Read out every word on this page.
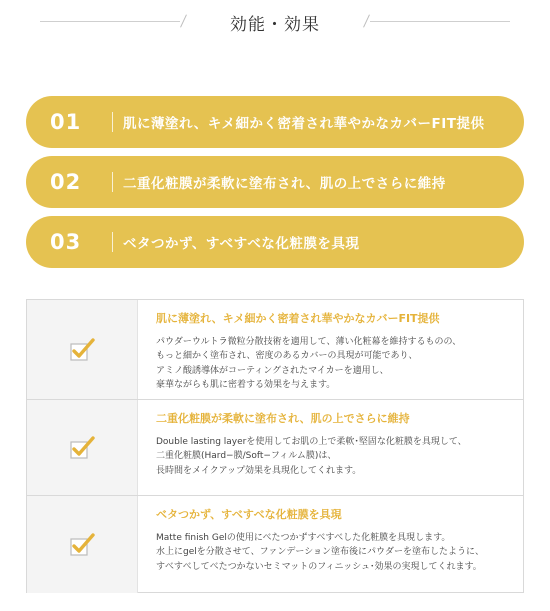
効能・効果
01	肌に薄塗れ、キメ細かく密着され華やかなカバーFIT提供
02	二重化粧膜が柔軟に塗布され、肌の上でさらに維持
03	ベタつかず、すべすべな化粧膜を具現
肌に薄塗れ、キメ細かく密着され華やかなカバーFIT提供
パウダーウルトラ微粒分散技術を適用して、薄い化粧幕を維持するものの、
もっと細かく塗布され、密度のあるカバーの具現が可能であり、
アミノ酸誘導体がコーティングされたマイカーを適用し、
豪華ながらも肌に密着する効果を与えます。
二重化粧膜が柔軟に塗布され、肌の上でさらに維持
Double lasting layerを使用してお肌の上で柔軟･堅固な化粧膜を具現して、
二重化粧膜(Hard−膜/Soft−フィルム膜)は、
長時間をメイクアップ効果を具現化してくれます。
ベタつかず、すべすべな化粧膜を具現
Matte finish Gelの使用にべたつかずすべすべした化粧膜を具現します。
水上にgelを分散させて、ファンデーション塗布後にパウダーを塗布したように、
すべすべしてべたつかないセミマットのフィニッシュ･効果の実現してくれます。
